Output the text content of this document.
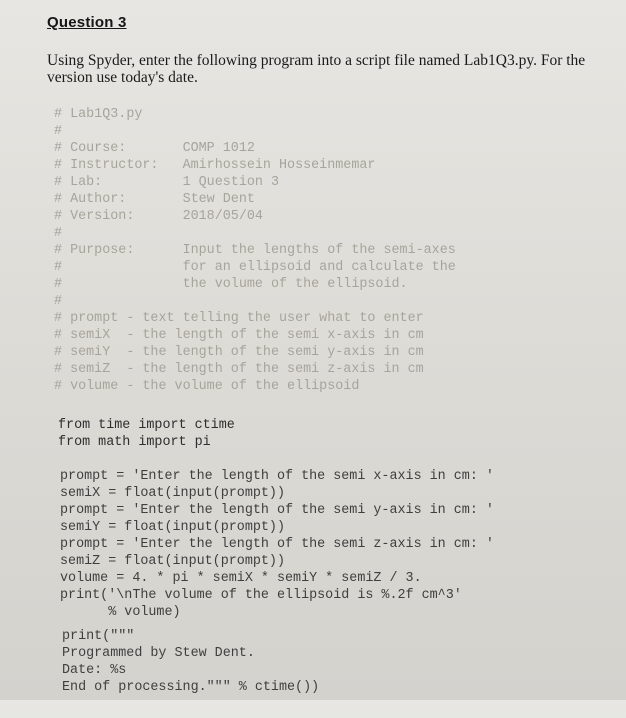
Question 3
Using Spyder, enter the following program into a script file named Lab1Q3.py. For the version use today's date.

# Lab1Q3.py

#

# Course:       COMP 1012

# Instructor:   Amirhossein Hosseinmemar

# Lab:          1 Question 3

# Author:       Stew Dent

# Version:      2018/05/04

#

# Purpose:      Input the lengths of the semi-axes

#               for an ellipsoid and calculate the

#               the volume of the ellipsoid.

#

# prompt - text telling the user what to enter

# semiX  - the length of the semi x-axis in cm

# semiY  - the length of the semi y-axis in cm

# semiZ  - the length of the semi z-axis in cm

# volume - the volume of the ellipsoid

from time import ctime

from math import pi

prompt = 'Enter the length of the semi x-axis in cm: '

semiX = float(input(prompt))

prompt = 'Enter the length of the semi y-axis in cm: '

semiY = float(input(prompt))

prompt = 'Enter the length of the semi z-axis in cm: '

semiZ = float(input(prompt))

volume = 4. * pi * semiX * semiY * semiZ / 3.

print('\nThe volume of the ellipsoid is %.2f cm^3'

% volume)

print("""

Programmed by Stew Dent.

Date: %s

End of processing.""" % ctime())
